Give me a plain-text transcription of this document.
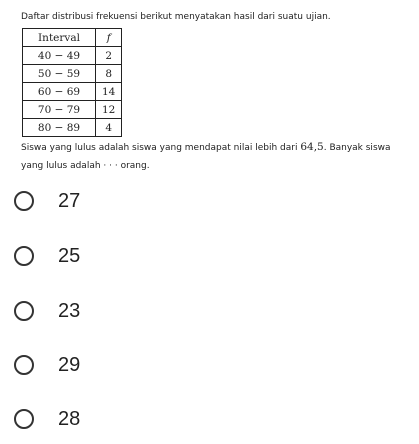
Daftar distribusi frekuensi berikut menyatakan hasil dari suatu ujian.
Interval	f
40 − 49	2
50 − 59	8
60 − 69	14
70 − 79	12
80 − 89	4
Siswa yang lulus adalah siswa yang mendapat nilai lebih dari 64,5. Banyak siswa yang lulus adalah · · · orang.
27
25
23
29
28
